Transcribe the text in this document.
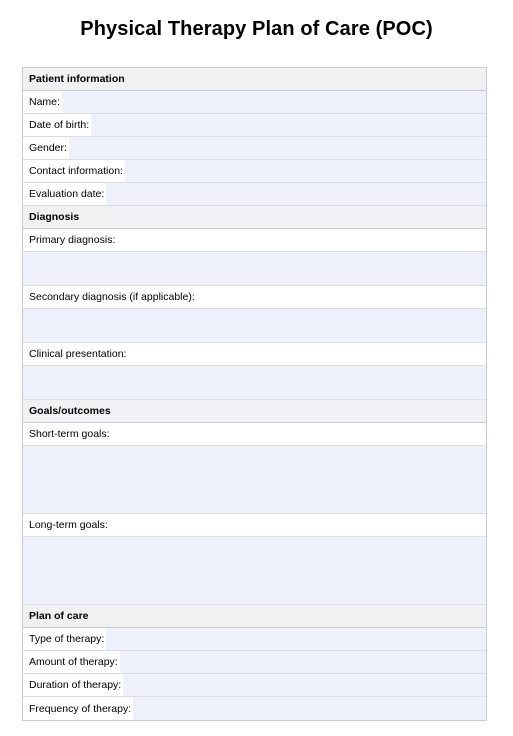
Physical Therapy Plan of Care (POC)
Patient information
Name:
Date of birth:
Gender:
Contact information:
Evaluation date:
Diagnosis
Primary diagnosis:
Secondary diagnosis (if applicable):
Clinical presentation:
Goals/outcomes
Short-term goals:
Long-term goals:
Plan of care
Type of therapy:
Amount of therapy:
Duration of therapy:
Frequency of therapy:
